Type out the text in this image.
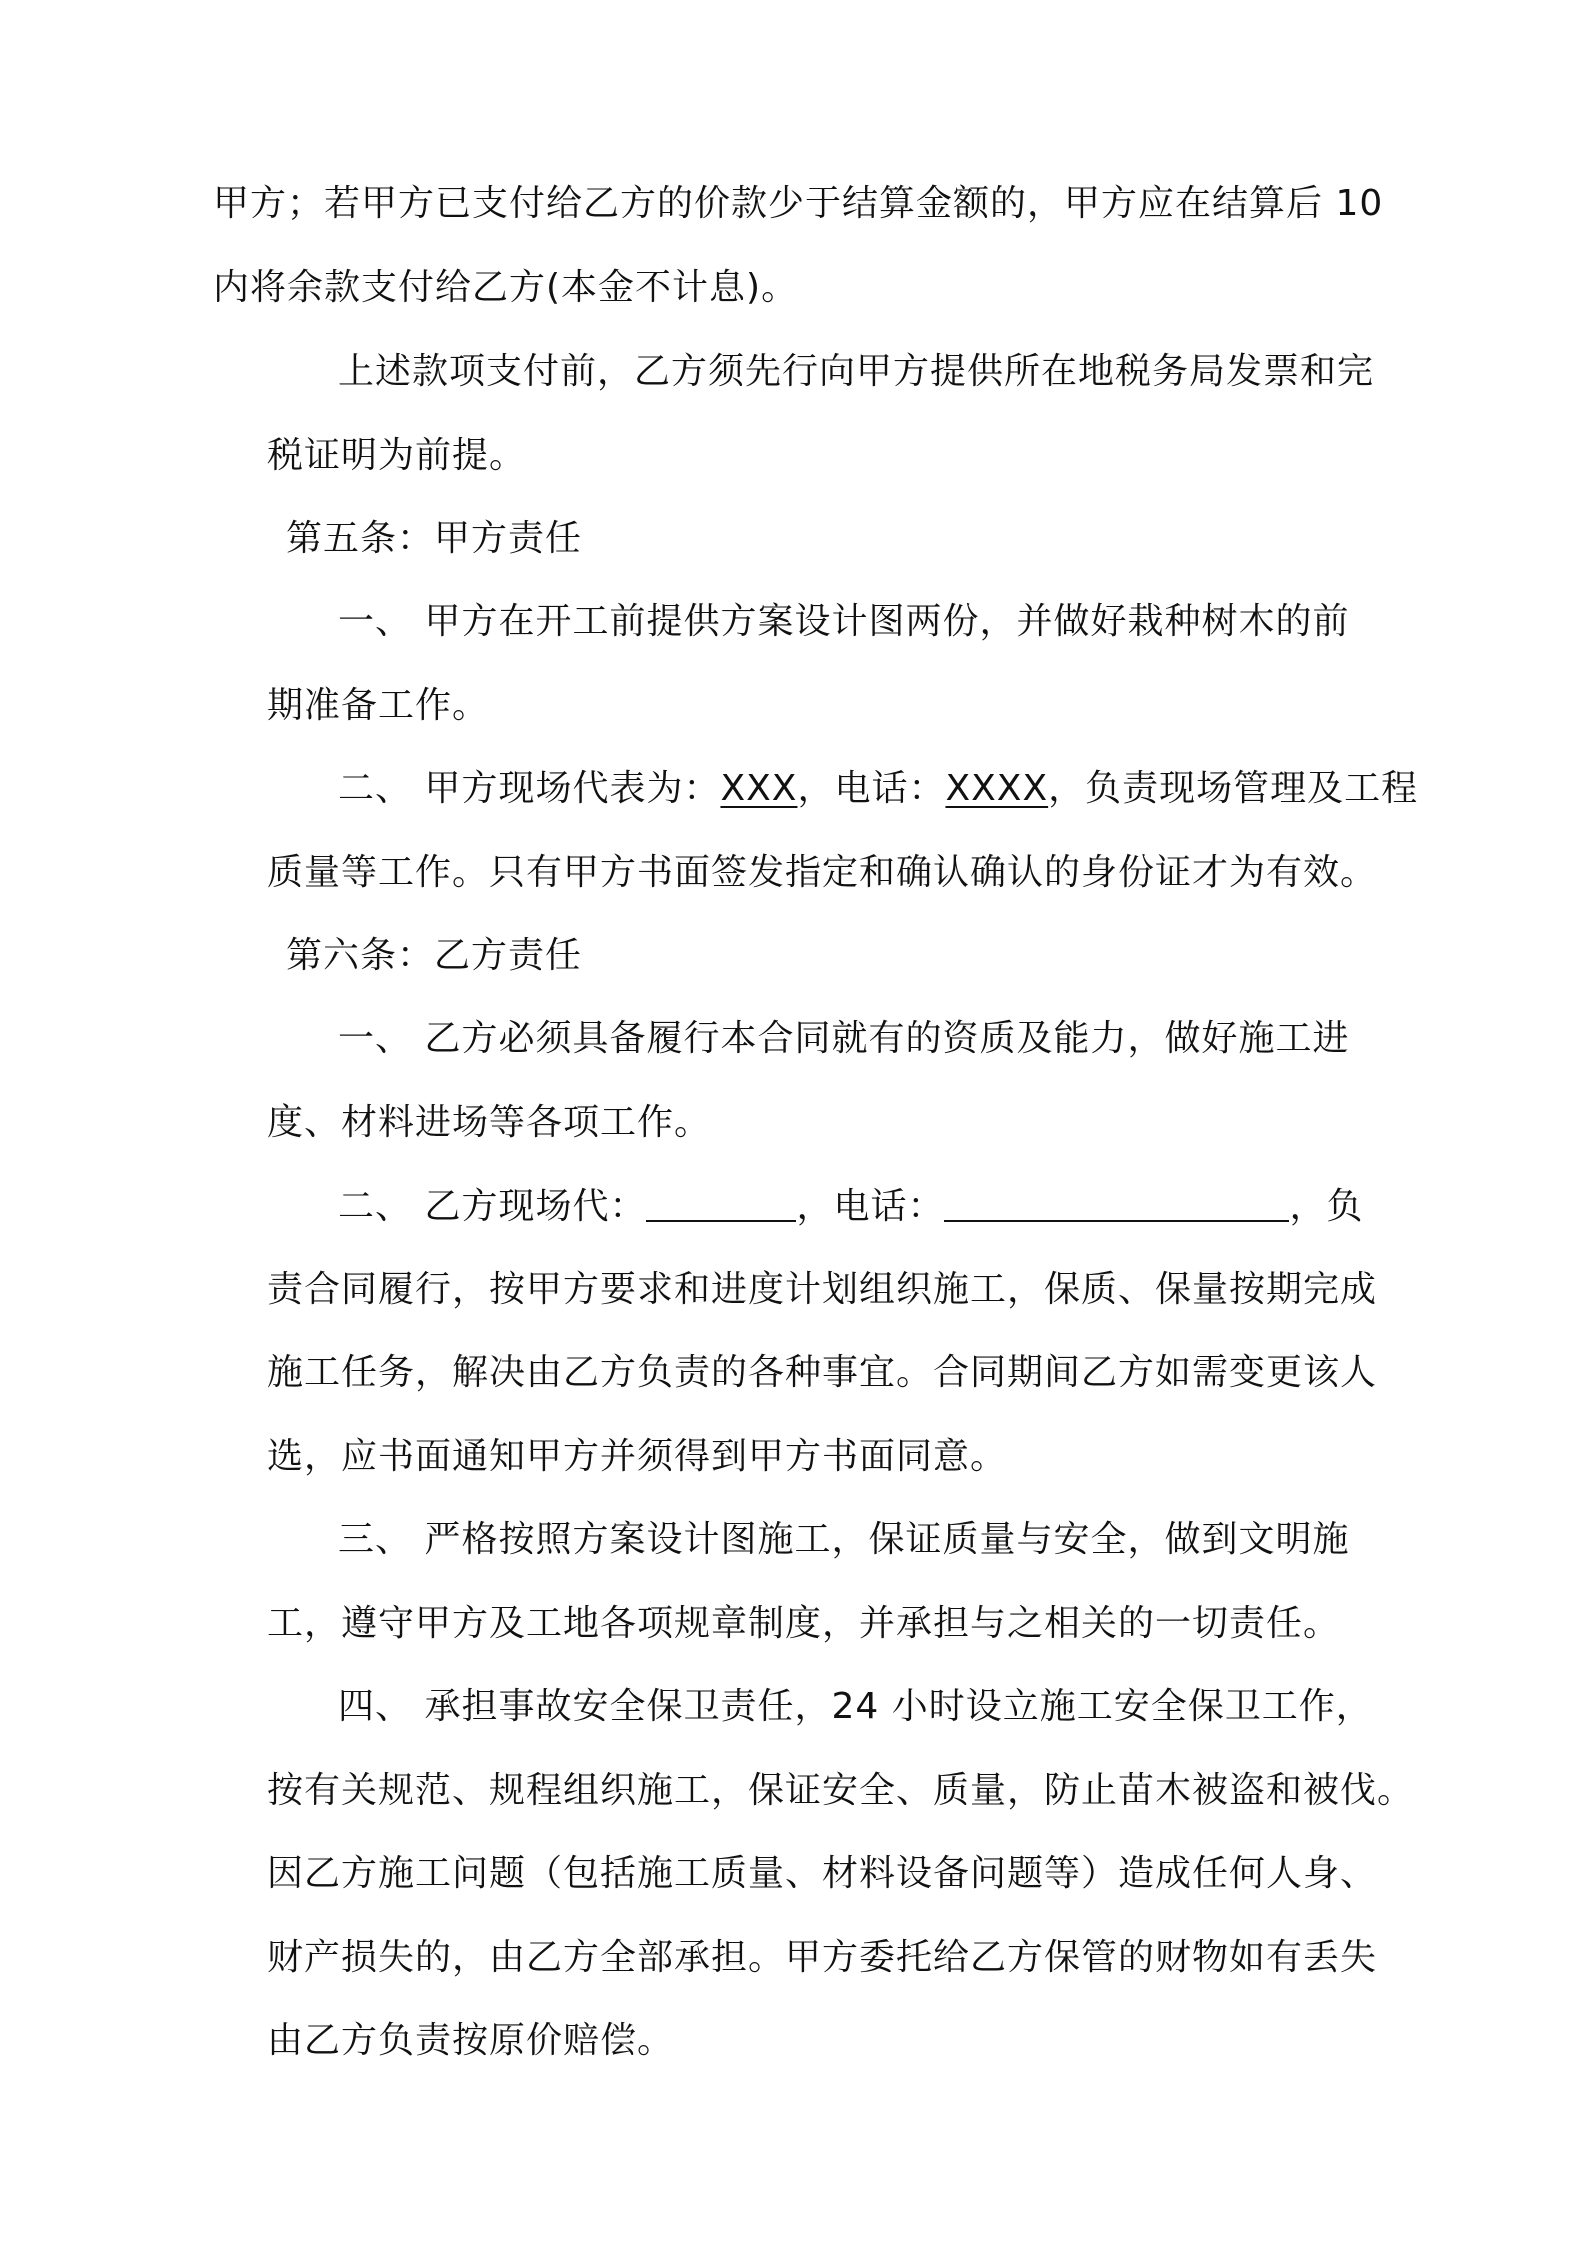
甲方；若甲方已支付给乙方的价款少于结算金额的，甲方应在结算后 10
内将余款支付给乙方(本金不计息)。
上述款项支付前，乙方须先行向甲方提供所在地税务局发票和完
税证明为前提。
第五条：甲方责任
一、 甲方在开工前提供方案设计图两份，并做好栽种树木的前
期准备工作。
二、 甲方现场代表为：XXX，电话：XXXX，负责现场管理及工程
质量等工作。只有甲方书面签发指定和确认确认的身份证才为有效。
第六条：乙方责任
一、 乙方必须具备履行本合同就有的资质及能力，做好施工进
度、材料进场等各项工作。
二、 乙方现场代：	，电话：	，负
责合同履行，按甲方要求和进度计划组织施工，保质、保量按期完成
施工任务，解决由乙方负责的各种事宜。合同期间乙方如需变更该人
选，应书面通知甲方并须得到甲方书面同意。
三、 严格按照方案设计图施工，保证质量与安全，做到文明施
工，遵守甲方及工地各项规章制度，并承担与之相关的一切责任。
四、 承担事故安全保卫责任，24 小时设立施工安全保卫工作，
按有关规范、规程组织施工，保证安全、质量，防止苗木被盗和被伐。
因乙方施工问题（包括施工质量、材料设备问题等）造成任何人身、
财产损失的，由乙方全部承担。甲方委托给乙方保管的财物如有丢失
由乙方负责按原价赔偿。
